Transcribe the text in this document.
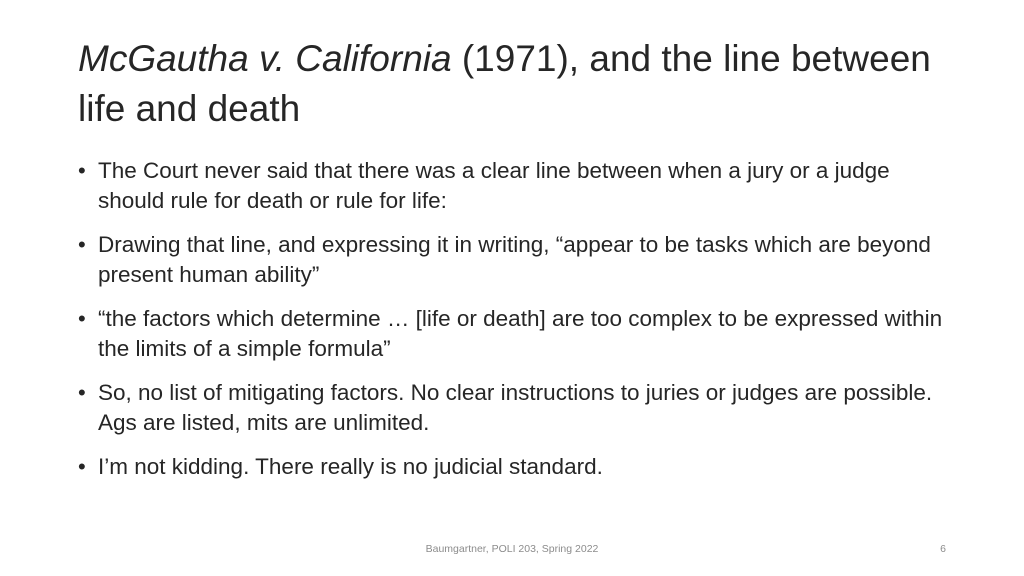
McGautha v. California (1971), and the line between life and death
• The Court never said that there was a clear line between when a jury or a judge should rule for death or rule for life:
• Drawing that line, and expressing it in writing, “appear to be tasks which are beyond present human ability”
• “the factors which determine … [life or death] are too complex to be expressed within the limits of a simple formula”
• So, no list of mitigating factors. No clear instructions to juries or judges are possible. Ags are listed, mits are unlimited.
• I’m not kidding. There really is no judicial standard.
Baumgartner, POLI 203, Spring 2022	6
